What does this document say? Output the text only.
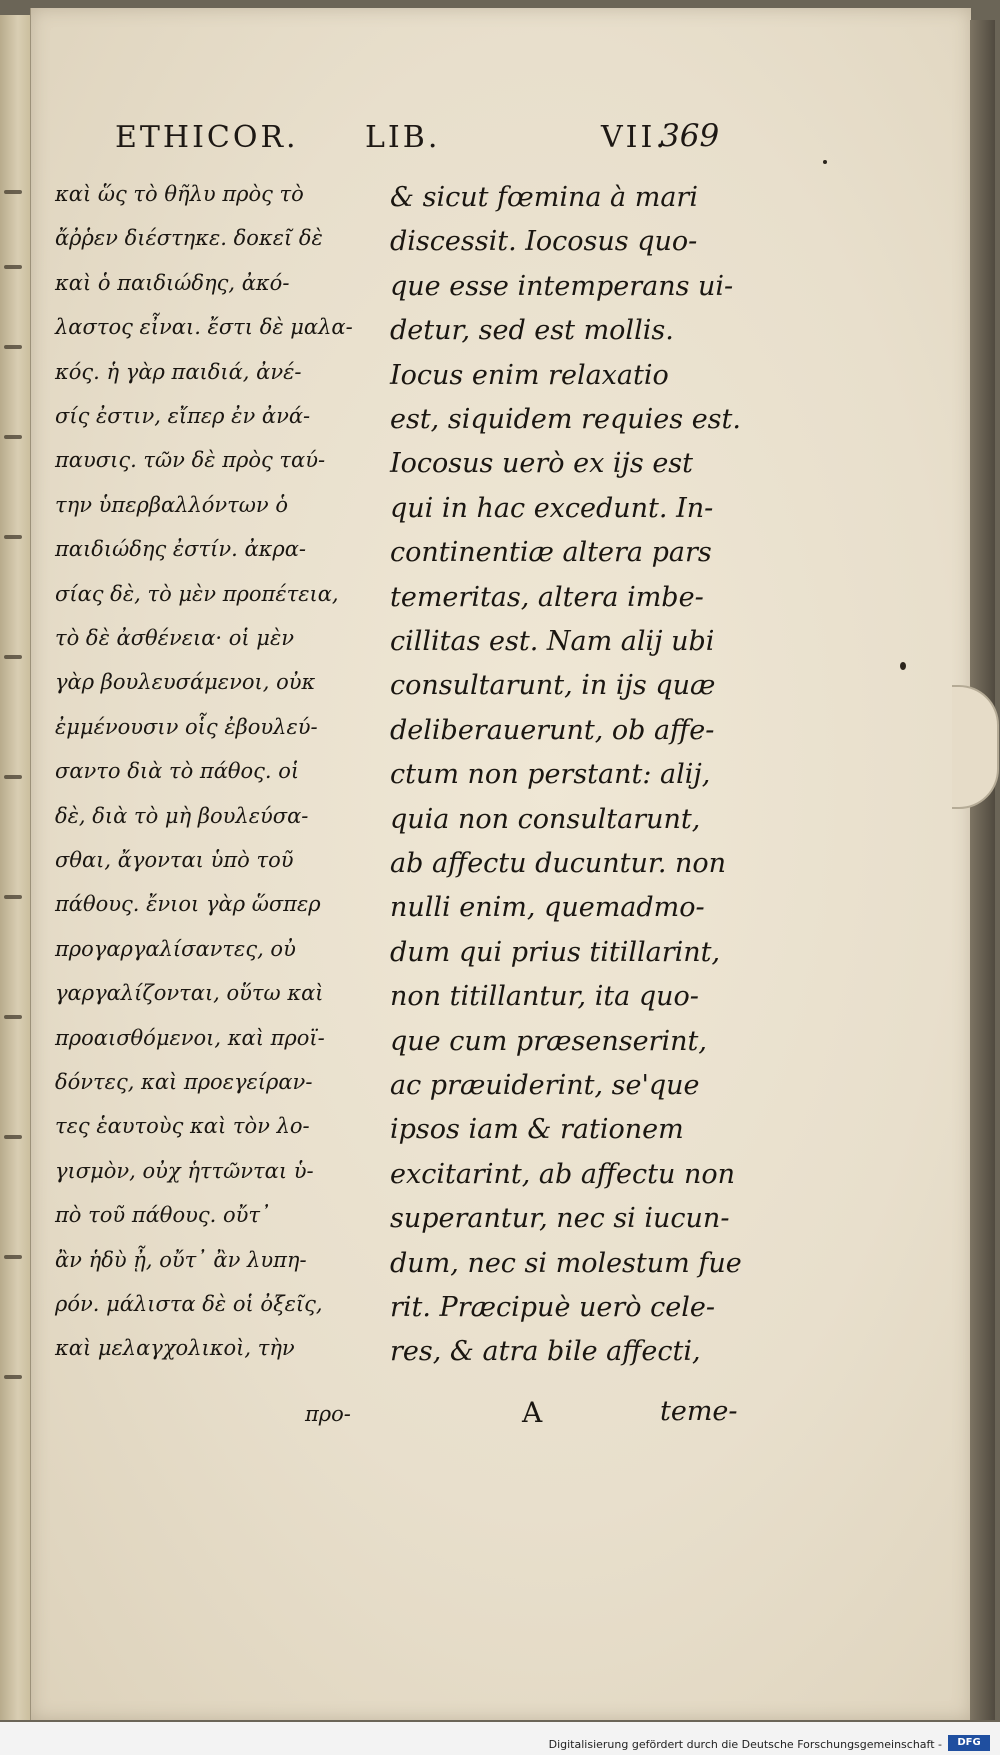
ETHICOR. LIB.	VII.
369
καὶ ὥς τὸ θῆλυ πρὸς τὸ
ἄῤῥεν διέστηκε. δοκεῖ δὲ
καὶ ὁ παιδιώδης, ἀκό-
λαστος εἶναι. ἔστι δὲ μαλα-
κός. ἡ γὰρ παιδιά, ἀνέ-
σίς ἐστιν, εἴπερ ἐν ἀνά-
παυσις. τῶν δὲ πρὸς ταύ-
την ὑπερβαλλόντων ὁ
παιδιώδης ἐστίν. ἀκρα-
σίας δὲ, τὸ μὲν προπέτεια,
τὸ δὲ ἀσθένεια· οἱ μὲν
γὰρ βουλευσάμενοι, οὐκ
ἐμμένουσιν οἷς ἐβουλεύ-
σαντο διὰ τὸ πάθος. οἱ
δὲ, διὰ τὸ μὴ βουλεύσα-
σθαι, ἄγονται ὑπὸ τοῦ
πάθους. ἔνιοι γὰρ ὥσπερ
προγαργαλίσαντες, οὐ
γαργαλίζονται, οὕτω καὶ
προαισθόμενοι, καὶ προϊ-
δόντες, καὶ προεγείραν-
τες ἑαυτοὺς καὶ τὸν λο-
γισμὸν, οὐχ ἡττῶνται ὑ-
πὸ τοῦ πάθους. οὔτ᾽
ἂν ἡδὺ ᾖ, οὔτ᾽ ἂν λυπη-
ρόν. μάλιστα δὲ οἱ ὀξεῖς,
καὶ μελαγχολικοὶ, τὴν
& sicut fœmina à mari
discessit. Iocosus quo-
que esse intemperans ui-
detur, sed est mollis.
Iocus enim relaxatio
est, siquidem requies est.
Iocosus uerò ex ijs est
qui in hac excedunt. In-
continentiæ altera pars
temeritas, altera imbe-
cillitas est. Nam alij ubi
consultarunt, in ijs quæ
deliberauerunt, ob affe-
ctum non perstant: alij,
quia non consultarunt,
ab affectu ducuntur. non
nulli enim, quemadmo-
dum qui prius titillarint,
non titillantur, ita quo-
que cum præsenserint,
ac præuiderint, se'que
ipsos iam & rationem
excitarint, ab affectu non
superantur, nec si iucun-
dum, nec si molestum fue
rit. Præcipuè uerò cele-
res, & atra bile affecti,
προ-	A	teme-
Digitalisierung gefördert durch die Deutsche Forschungsgemeinschaft -	DFG
